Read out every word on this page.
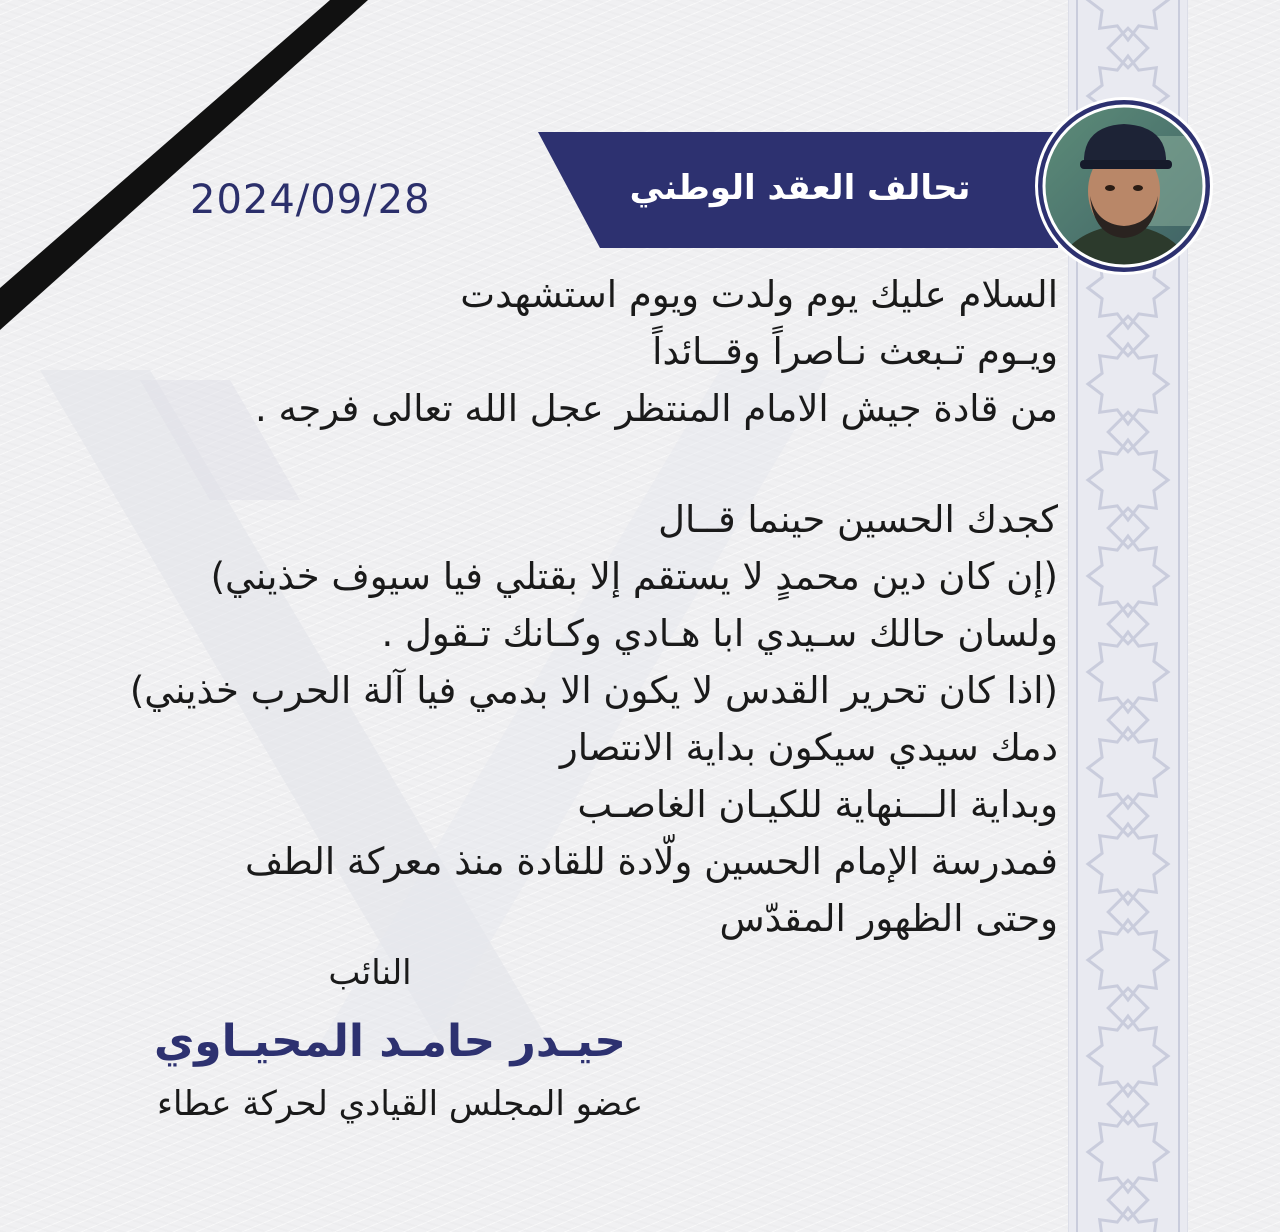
تحالف العقد الوطني
2024/09/28
السلام عليك يوم ولدت ويوم استشهدت
ويـوم تـبعث نـاصراً وقــائداً
من قادة جيش الامام المنتظر عجل الله تعالى فرجه .
كجدك الحسين حينما قــال
(إن كان دين محمدٍ لا يستقم إلا بقتلي فيا سيوف خذيني)
ولسان حالك سـيدي ابا هـادي وكـانك تـقول .
(اذا كان تحرير القدس لا يكون الا بدمي فيا آلة الحرب خذيني)
دمك سيدي سيكون بداية الانتصار
وبداية الـــنهاية للكيـان الغاصـب
فمدرسة الإمام الحسين ولّادة للقادة منذ معركة الطف
وحتى الظهور المقدّس
النائب
حيـدر حامـد المحيـاوي
عضو المجلس القيادي لحركة عطاء
